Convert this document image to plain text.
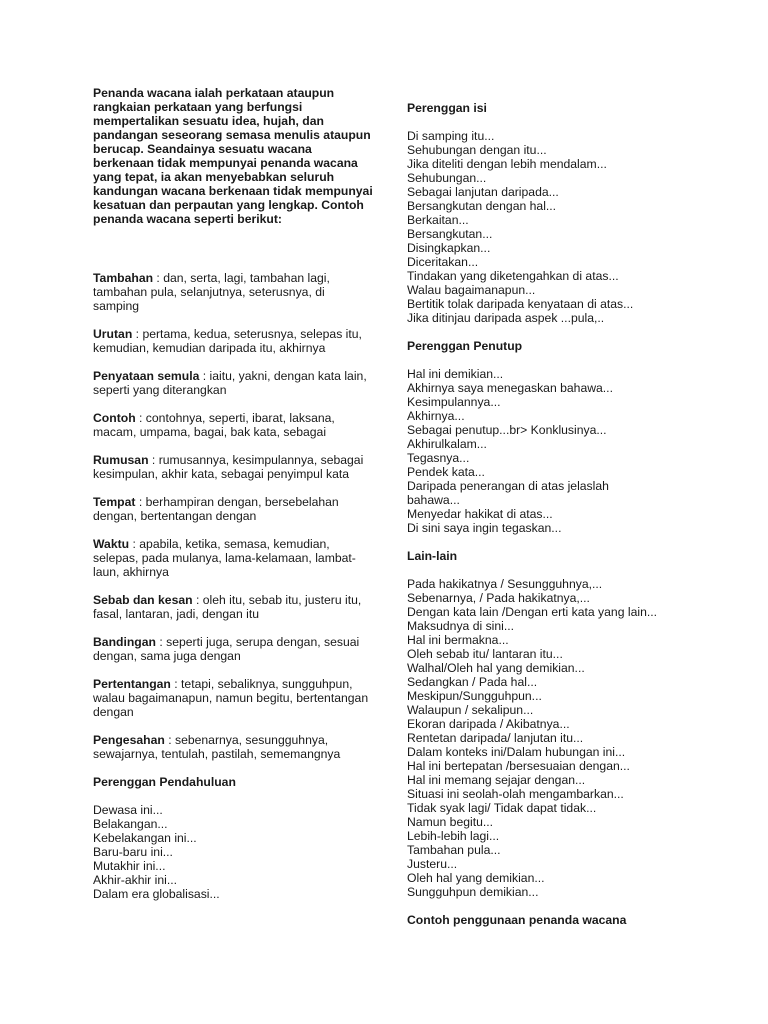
Penanda wacana ialah perkataan ataupun rangkaian perkataan yang berfungsi mempertalikan sesuatu idea, hujah, dan pandangan seseorang semasa menulis ataupun berucap. Seandainya sesuatu wacana berkenaan tidak mempunyai penanda wacana yang tepat, ia akan menyebabkan seluruh kandungan wacana berkenaan tidak mempunyai kesatuan dan perpautan yang lengkap. Contoh penanda wacana seperti berikut:

Tambahan : dan, serta, lagi, tambahan lagi, tambahan pula, selanjutnya, seterusnya, di samping

Urutan : pertama, kedua, seterusnya, selepas itu, kemudian, kemudian daripada itu, akhirnya

Penyataan semula : iaitu, yakni, dengan kata lain, seperti yang diterangkan

Contoh : contohnya, seperti, ibarat, laksana, macam, umpama, bagai, bak kata, sebagai

Rumusan : rumusannya, kesimpulannya, sebagai kesimpulan, akhir kata, sebagai penyimpul kata

Tempat : berhampiran dengan, bersebelahan dengan, bertentangan dengan

Waktu : apabila, ketika, semasa, kemudian, selepas, pada mulanya, lama-kelamaan, lambat-laun, akhirnya

Sebab dan kesan : oleh itu, sebab itu, justeru itu, fasal, lantaran, jadi, dengan itu

Bandingan : seperti juga, serupa dengan, sesuai dengan, sama juga dengan

Pertentangan : tetapi, sebaliknya, sungguhpun, walau bagaimanapun, namun begitu, bertentangan dengan

Pengesahan : sebenarnya, sesungguhnya, sewajarnya, tentulah, pastilah, sememangnya

Perenggan Pendahuluan

Dewasa ini...
Belakangan...
Kebelakangan ini...
Baru-baru ini...
Mutakhir ini...
Akhir-akhir ini...
Dalam era globalisasi...

Perenggan isi

Di samping itu...
Sehubungan dengan itu...
Jika diteliti dengan lebih mendalam...
Sehubungan...
Sebagai lanjutan daripada...
Bersangkutan dengan hal...
Berkaitan...
Bersangkutan...
Disingkapkan...
Diceritakan...
Tindakan yang diketengahkan di atas...
Walau bagaimanapun...
Bertitik tolak daripada kenyataan di atas...
Jika ditinjau daripada aspek ...pula,..

Perenggan Penutup

Hal ini demikian...
Akhirnya saya menegaskan bahawa...
Kesimpulannya...
Akhirnya...
Sebagai penutup...br> Konklusinya...
Akhirulkalam...
Tegasnya...
Pendek kata...
Daripada penerangan di atas jelaslah bahawa...
Menyedar hakikat di atas...
Di sini saya ingin tegaskan...

Lain-lain

Pada hakikatnya / Sesungguhnya,...
Sebenarnya, / Pada hakikatnya,...
Dengan kata lain /Dengan erti kata yang lain...
Maksudnya di sini...
Hal ini bermakna...
Oleh sebab itu/ lantaran itu...
Walhal/Oleh hal yang demikian...
Sedangkan / Pada hal...
Meskipun/Sungguhpun...
Walaupun / sekalipun...
Ekoran daripada / Akibatnya...
Rentetan daripada/ lanjutan itu...
Dalam konteks ini/Dalam hubungan ini...
Hal ini bertepatan /bersesuaian dengan...
Hal ini memang sejajar dengan...
Situasi ini seolah-olah mengambarkan...
Tidak syak lagi/ Tidak dapat tidak...
Namun begitu...
Lebih-lebih lagi...
Tambahan pula...
Justeru...
Oleh hal yang demikian...
Sungguhpun demikian...

Contoh penggunaan penanda wacana
